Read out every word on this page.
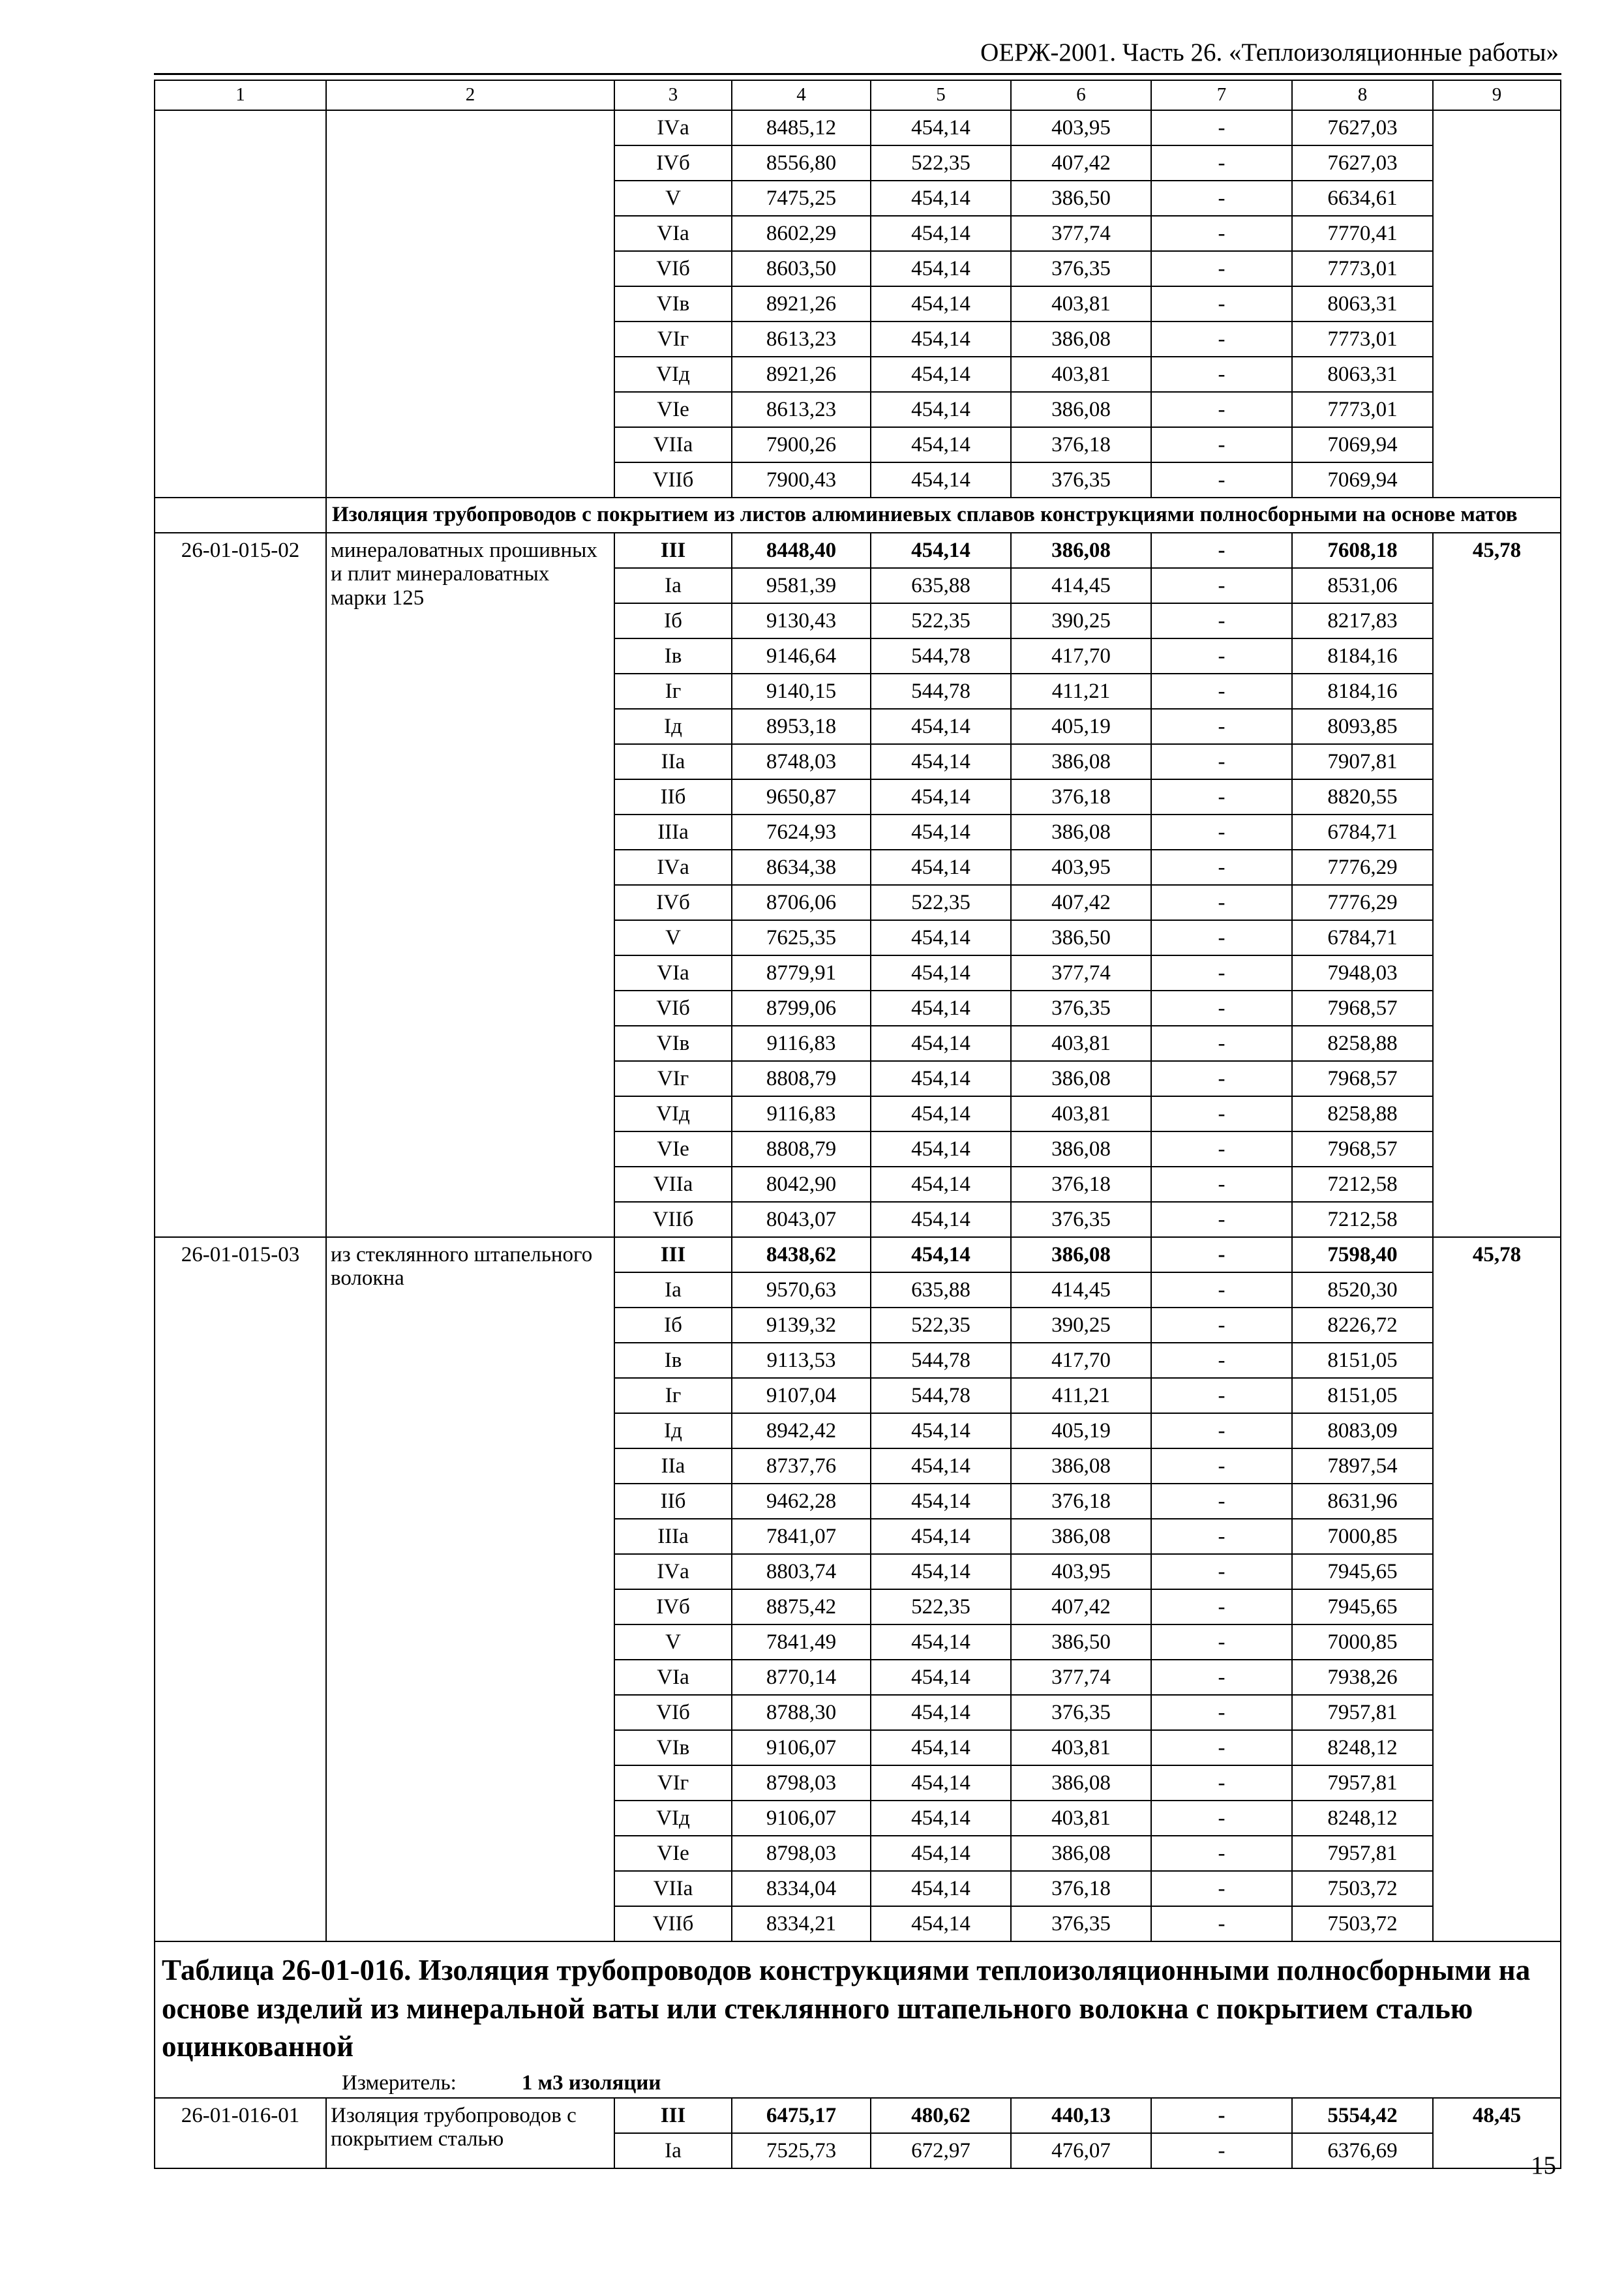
ОЕРЖ-2001. Часть 26. «Теплоизоляционные работы»
1	2	3	4	5	6	7	8	9
		IVа	8485,12	454,14	403,95	-	7627,03	
		IVб	8556,80	522,35	407,42	-	7627,03	
		V	7475,25	454,14	386,50	-	6634,61	
		VIа	8602,29	454,14	377,74	-	7770,41	
		VIб	8603,50	454,14	376,35	-	7773,01	
		VIв	8921,26	454,14	403,81	-	8063,31	
		VIг	8613,23	454,14	386,08	-	7773,01	
		VIд	8921,26	454,14	403,81	-	8063,31	
		VIе	8613,23	454,14	386,08	-	7773,01	
		VIIа	7900,26	454,14	376,18	-	7069,94	
		VIIб	7900,43	454,14	376,35	-	7069,94	
	Изоляция трубопроводов с покрытием из листов алюминиевых сплавов конструкциями полносборными на основе матов							
26-01-015-02	минераловатных прошивных и плит минераловатных марки 125	III	8448,40	454,14	386,08	-	7608,18	45,78
		Iа	9581,39	635,88	414,45	-	8531,06	
		Iб	9130,43	522,35	390,25	-	8217,83	
		Iв	9146,64	544,78	417,70	-	8184,16	
		Iг	9140,15	544,78	411,21	-	8184,16	
		Iд	8953,18	454,14	405,19	-	8093,85	
		IIа	8748,03	454,14	386,08	-	7907,81	
		IIб	9650,87	454,14	376,18	-	8820,55	
		IIIа	7624,93	454,14	386,08	-	6784,71	
		IVа	8634,38	454,14	403,95	-	7776,29	
		IVб	8706,06	522,35	407,42	-	7776,29	
		V	7625,35	454,14	386,50	-	6784,71	
		VIа	8779,91	454,14	377,74	-	7948,03	
		VIб	8799,06	454,14	376,35	-	7968,57	
		VIв	9116,83	454,14	403,81	-	8258,88	
		VIг	8808,79	454,14	386,08	-	7968,57	
		VIд	9116,83	454,14	403,81	-	8258,88	
		VIе	8808,79	454,14	386,08	-	7968,57	
		VIIа	8042,90	454,14	376,18	-	7212,58	
		VIIб	8043,07	454,14	376,35	-	7212,58	
26-01-015-03	из стеклянного штапельного волокна	III	8438,62	454,14	386,08	-	7598,40	45,78
		Iа	9570,63	635,88	414,45	-	8520,30	
		Iб	9139,32	522,35	390,25	-	8226,72	
		Iв	9113,53	544,78	417,70	-	8151,05	
		Iг	9107,04	544,78	411,21	-	8151,05	
		Iд	8942,42	454,14	405,19	-	8083,09	
		IIа	8737,76	454,14	386,08	-	7897,54	
		IIб	9462,28	454,14	376,18	-	8631,96	
		IIIа	7841,07	454,14	386,08	-	7000,85	
		IVа	8803,74	454,14	403,95	-	7945,65	
		IVб	8875,42	522,35	407,42	-	7945,65	
		V	7841,49	454,14	386,50	-	7000,85	
		VIа	8770,14	454,14	377,74	-	7938,26	
		VIб	8788,30	454,14	376,35	-	7957,81	
		VIв	9106,07	454,14	403,81	-	8248,12	
		VIг	8798,03	454,14	386,08	-	7957,81	
		VIд	9106,07	454,14	403,81	-	8248,12	
		VIе	8798,03	454,14	386,08	-	7957,81	
		VIIа	8334,04	454,14	376,18	-	7503,72	
		VIIб	8334,21	454,14	376,35	-	7503,72	

Таблица 26-01-016. Изоляция трубопроводов конструкциями теплоизоляционными полносборными на основе изделий из минеральной ваты или стеклянного штапельного волокна с покрытием сталью оцинкованной
Измеритель: 1 м3 изоляции								

26-01-016-01	Изоляция трубопроводов с покрытием сталью	III	6475,17	480,62	440,13	-	5554,42	48,45
		Iа	7525,73	672,97	476,07	-	6376,69	
15
